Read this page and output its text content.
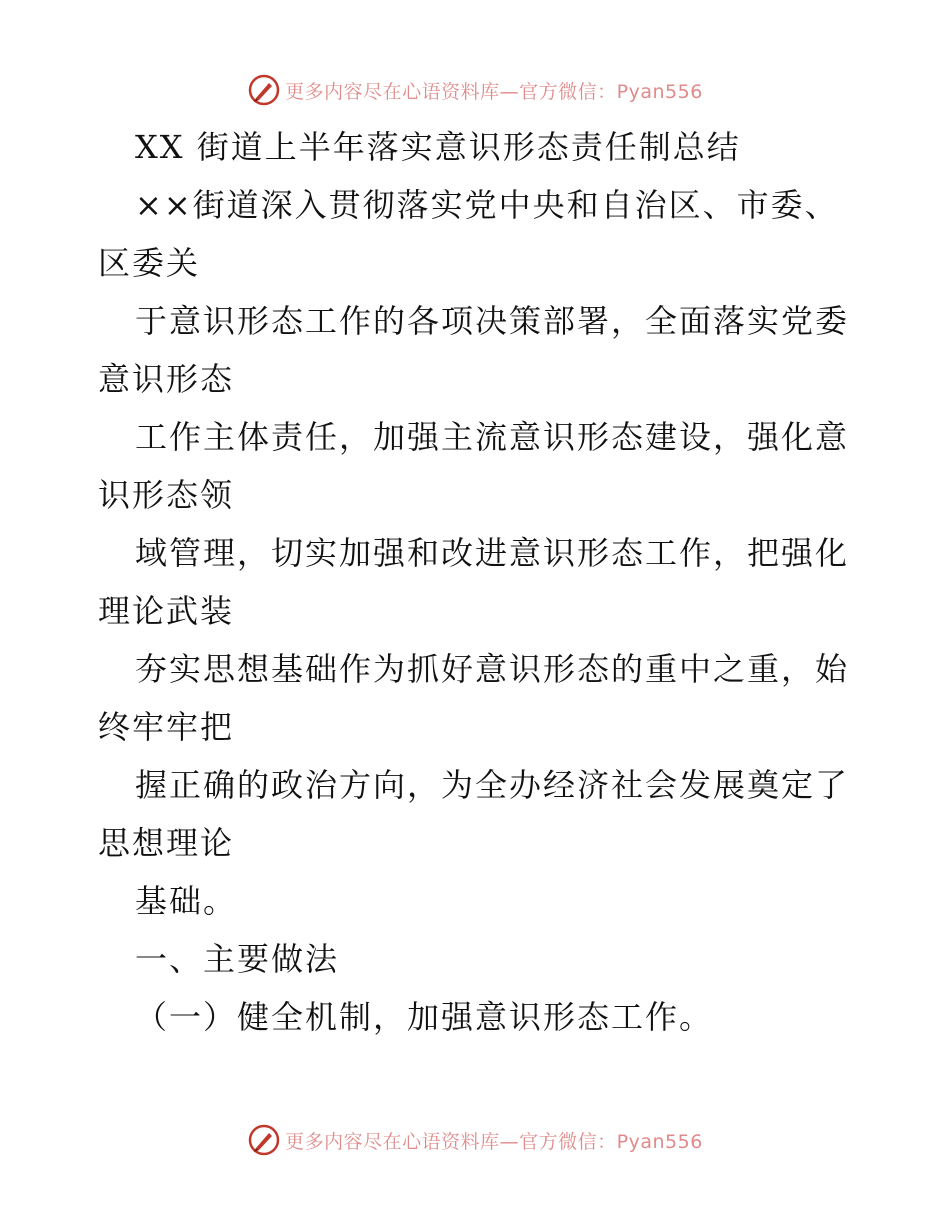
更多内容尽在心语资料库—官方微信：Pyan556
XX 街道上半年落实意识形态责任制总结
××街道深入贯彻落实党中央和自治区、市委、
区委关
于意识形态工作的各项决策部署，全面落实党委
意识形态
工作主体责任，加强主流意识形态建设，强化意
识形态领
域管理，切实加强和改进意识形态工作，把强化
理论武装
夯实思想基础作为抓好意识形态的重中之重，始
终牢牢把
握正确的政治方向，为全办经济社会发展奠定了
思想理论
基础。
一、主要做法
（一）健全机制，加强意识形态工作。
更多内容尽在心语资料库—官方微信：Pyan556
